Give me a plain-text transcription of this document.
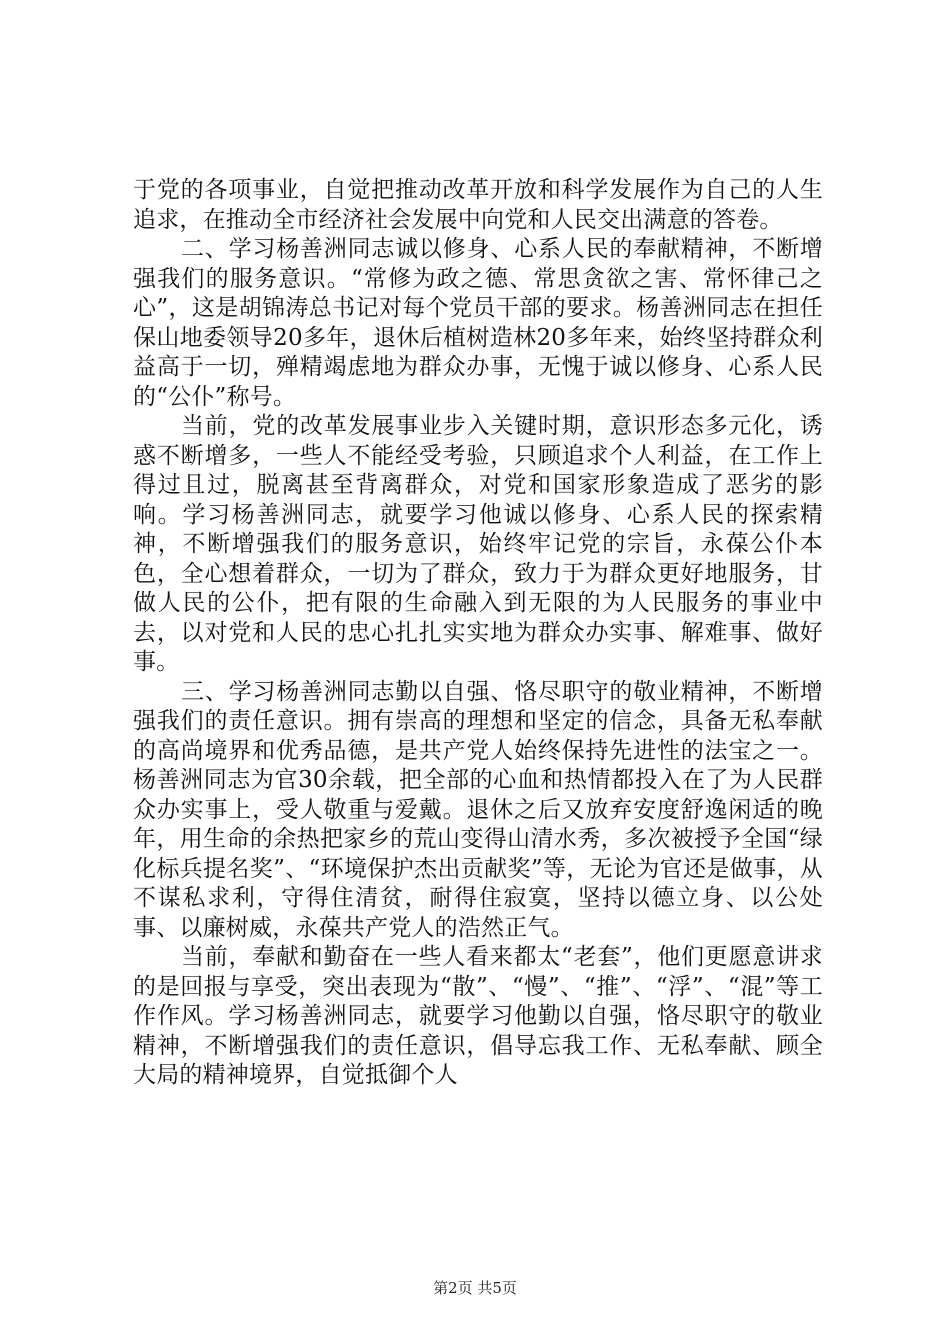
于党的各项事业，自觉把推动改革开放和科学发展作为自己的人生追求，在推动全市经济社会发展中向党和人民交出满意的答卷。

二、学习杨善洲同志诚以修身、心系人民的奉献精神，不断增强我们的服务意识。“常修为政之德、常思贪欲之害、常怀律己之心”，这是胡锦涛总书记对每个党员干部的要求。杨善洲同志在担任保山地委领导20多年，退休后植树造林20多年来，始终坚持群众利益高于一切，殚精竭虑地为群众办事，无愧于诚以修身、心系人民的“公仆”称号。

当前，党的改革发展事业步入关键时期，意识形态多元化，诱惑不断增多，一些人不能经受考验，只顾追求个人利益，在工作上得过且过，脱离甚至背离群众，对党和国家形象造成了恶劣的影响。学习杨善洲同志，就要学习他诚以修身、心系人民的探索精神，不断增强我们的服务意识，始终牢记党的宗旨，永葆公仆本色，全心想着群众，一切为了群众，致力于为群众更好地服务，甘做人民的公仆，把有限的生命融入到无限的为人民服务的事业中去，以对党和人民的忠心扎扎实实地为群众办实事、解难事、做好事。

三、学习杨善洲同志勤以自强、恪尽职守的敬业精神，不断增强我们的责任意识。拥有崇高的理想和坚定的信念，具备无私奉献的高尚境界和优秀品德，是共产党人始终保持先进性的法宝之一。杨善洲同志为官30余载，把全部的心血和热情都投入在了为人民群众办实事上，受人敬重与爱戴。退休之后又放弃安度舒逸闲适的晚年，用生命的余热把家乡的荒山变得山清水秀，多次被授予全国“绿化标兵提名奖”、“环境保护杰出贡献奖”等，无论为官还是做事，从不谋私求利，守得住清贫，耐得住寂寞，坚持以德立身、以公处事、以廉树威，永葆共产党人的浩然正气。

当前，奉献和勤奋在一些人看来都太“老套”，他们更愿意讲求的是回报与享受，突出表现为“散”、“慢”、“推”、“浮”、“混”等工作作风。学习杨善洲同志，就要学习他勤以自强，恪尽职守的敬业精神，不断增强我们的责任意识，倡导忘我工作、无私奉献、顾全大局的精神境界，自觉抵御个人

第2页 共5页
